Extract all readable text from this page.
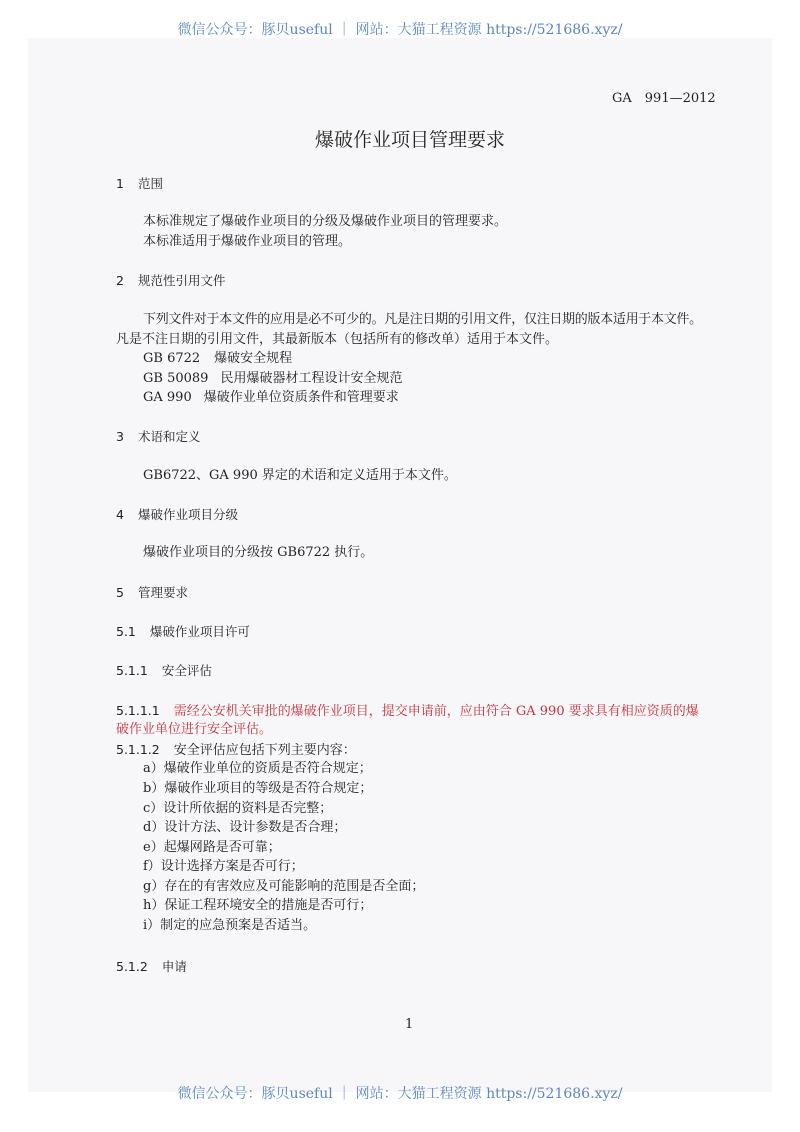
微信公众号：豚贝useful ｜ 网站：大猫工程资源 https://521686.xyz/
微信公众号：豚贝useful ｜ 网站：大猫工程资源 https://521686.xyz/
GA　991—2012
爆破作业项目管理要求
1 范围
本标准规定了爆破作业项目的分级及爆破作业项目的管理要求。
本标准适用于爆破作业项目的管理。
2 规范性引用文件
下列文件对于本文件的应用是必不可少的。凡是注日期的引用文件，仅注日期的版本适用于本文件。
凡是不注日期的引用文件，其最新版本（包括所有的修改单）适用于本文件。
GB 6722 爆破安全规程
GB 50089 民用爆破器材工程设计安全规范
GA 990 爆破作业单位资质条件和管理要求
3 术语和定义
GB6722、GA 990 界定的术语和定义适用于本文件。
4 爆破作业项目分级
爆破作业项目的分级按 GB6722 执行。
5 管理要求
5.1 爆破作业项目许可
5.1.1 安全评估
5.1.1.1 需经公安机关审批的爆破作业项目，提交申请前，应由符合 GA 990 要求具有相应资质的爆
破作业单位进行安全评估。
5.1.1.2 安全评估应包括下列主要内容：
a）爆破作业单位的资质是否符合规定；
b）爆破作业项目的等级是否符合规定；
c）设计所依据的资料是否完整；
d）设计方法、设计参数是否合理；
e）起爆网路是否可靠；
f）设计选择方案是否可行；
g）存在的有害效应及可能影响的范围是否全面；
h）保证工程环境安全的措施是否可行；
i）制定的应急预案是否适当。
5.1.2 申请
1
